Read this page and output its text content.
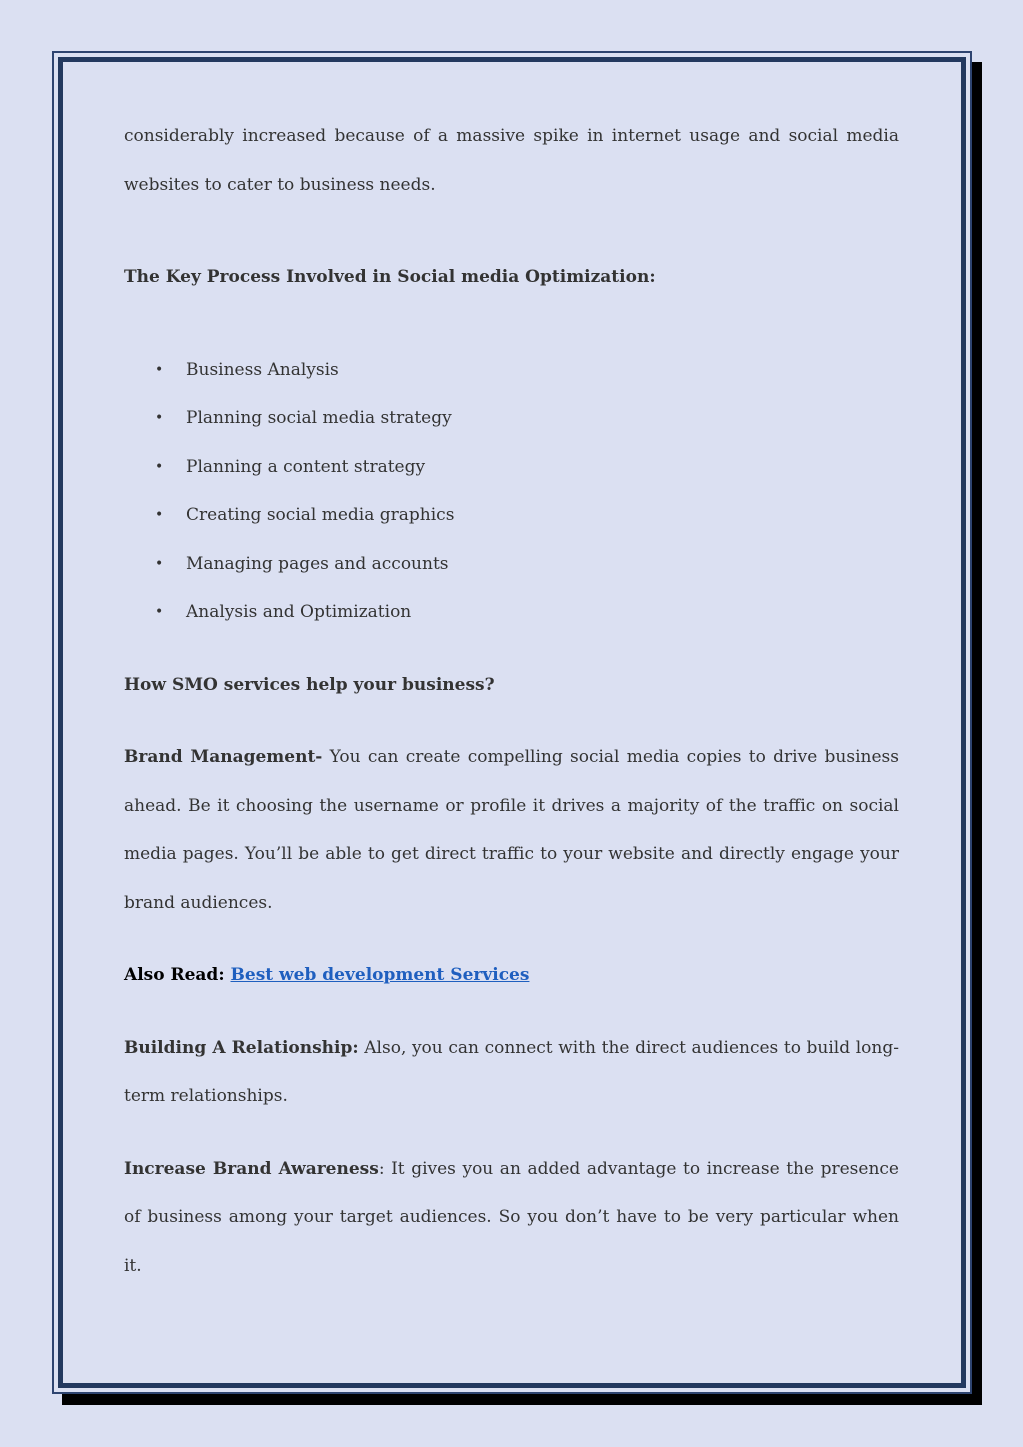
considerably increased because of a massive spike in internet usage and social media

websites to cater to business needs.

The Key Process Involved in Social media Optimization:

• Business Analysis
• Planning social media strategy
• Planning a content strategy
• Creating social media graphics
• Managing pages and accounts
• Analysis and Optimization

How SMO services help your business?

Brand Management- You can create compelling social media copies to drive business ahead. Be it choosing the username or profile it drives a majority of the traffic on social media pages. You’ll be able to get direct traffic to your website and directly engage your brand audiences.

Also Read: Best web development Services

Building A Relationship: Also, you can connect with the direct audiences to build long-term relationships.

Increase Brand Awareness: It gives you an added advantage to increase the presence of business among your target audiences. So you don’t have to be very particular when it.
